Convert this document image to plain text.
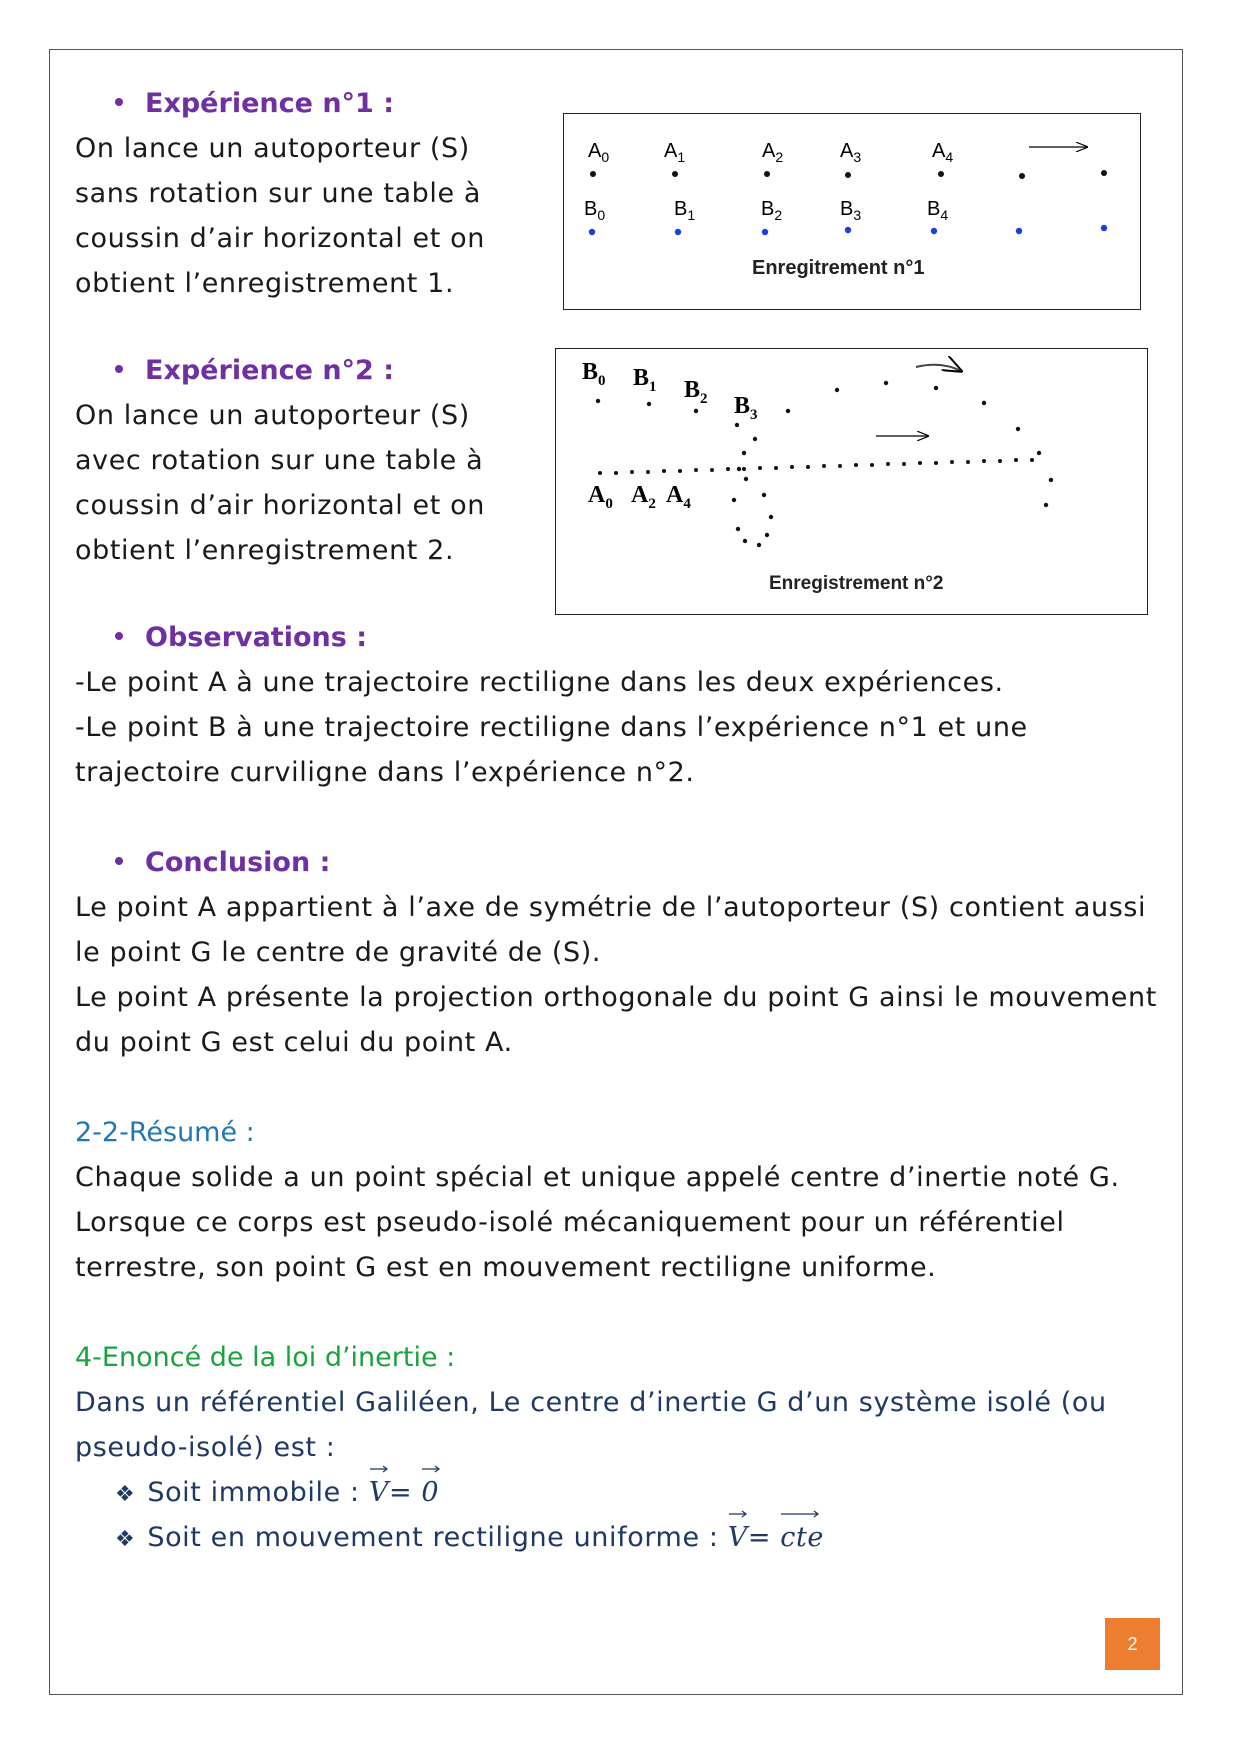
Expérience n°1 :
On lance un autoporteur (S)
sans rotation sur une table à
coussin d’air horizontal et on
obtient l’enregistrement 1.
$A_0$	$A_1$	$A_2$	$A_3$	$A_4$
$B_0$	$B_1$	$B_2$	$B_3$	$B_4$
Enregitrement n°1
Expérience n°2 :
On lance un autoporteur (S)
avec rotation sur une table à
coussin d’air horizontal et on
obtient l’enregistrement 2.
$B_0$ $B_1$ $B_2$ $B_3$
$A_0$ $A_2$ $A_4$
Enregistrement n°2
Observations :
-Le point A à une trajectoire rectiligne dans les deux expériences.
-Le point B à une trajectoire rectiligne dans l’expérience n°1 et une
trajectoire curviligne dans l’expérience n°2.
Conclusion :
Le point A appartient à l’axe de symétrie de l’autoporteur (S) contient aussi
le point G le centre de gravité de (S).
Le point A présente la projection orthogonale du point G ainsi le mouvement
du point G est celui du point A.
2-2-Résumé :
Chaque solide a un point spécial et unique appelé centre d’inertie noté G.
Lorsque ce corps est pseudo-isolé mécaniquement pour un référentiel
terrestre, son point G est en mouvement rectiligne uniforme.
4-Enoncé de la loi d’inertie :
Dans un référentiel Galiléen, Le centre d’inertie G d’un système isolé (ou
pseudo-isolé) est :
❖ Soit immobile :
V=
0
❖ Soit en mouvement rectiligne uniforme :
V=
cte
2
